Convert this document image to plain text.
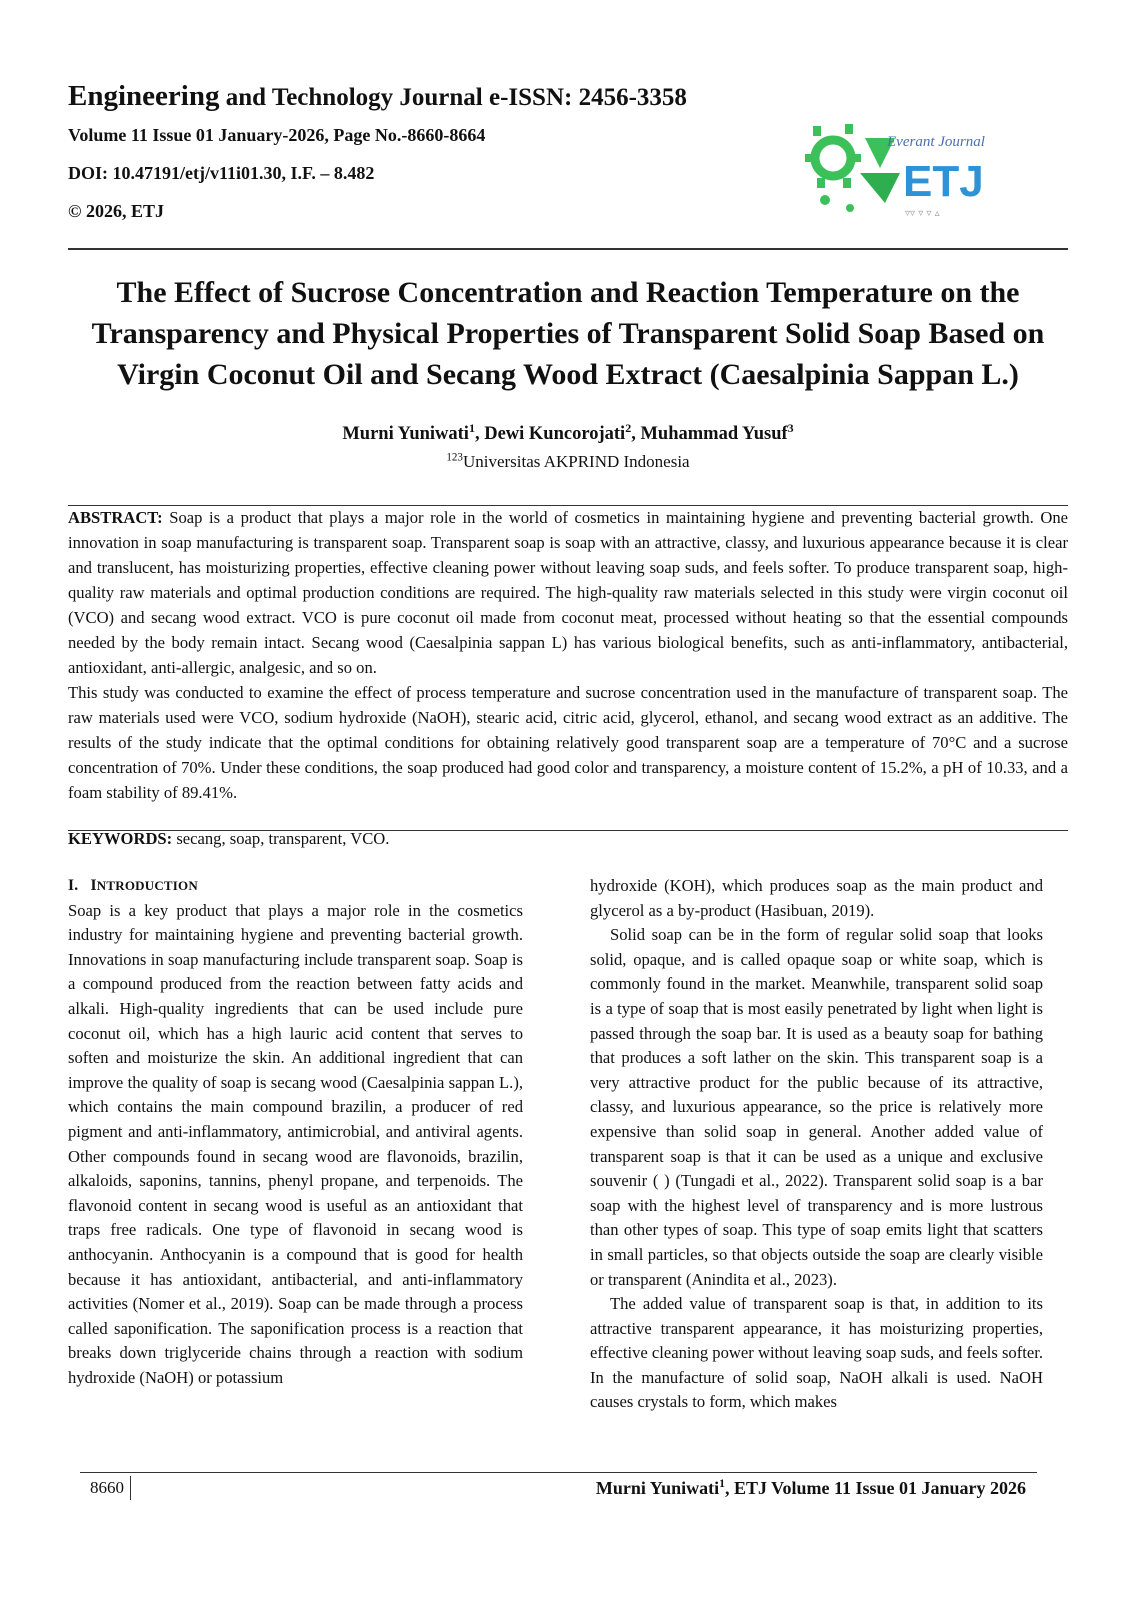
Engineering and Technology Journal e-ISSN: 2456-3358
Volume 11 Issue 01 January-2026, Page No.-8660-8664
DOI: 10.47191/etj/v11i01.30, I.F. – 8.482
© 2026, ETJ
Everant Journal
ETJ
▿▿ ▿ ▿ ▵
The Effect of Sucrose Concentration and Reaction Temperature on the Transparency and Physical Properties of Transparent Solid Soap Based on Virgin Coconut Oil and Secang Wood Extract (Caesalpinia Sappan L.)
Murni Yuniwati$^1$, Dewi Kuncorojati$^2$, Muhammad Yusuf$^3$
$^{123}$Universitas AKPRIND Indonesia

ABSTRACT: Soap is a product that plays a major role in the world of cosmetics in maintaining hygiene and preventing bacterial growth. One innovation in soap manufacturing is transparent soap. Transparent soap is soap with an attractive, classy, and luxurious appearance because it is clear and translucent, has moisturizing properties, effective cleaning power without leaving soap suds, and feels softer. To produce transparent soap, high-quality raw materials and optimal production conditions are required. The high-quality raw materials selected in this study were virgin coconut oil (VCO) and secang wood extract. VCO is pure coconut oil made from coconut meat, processed without heating so that the essential compounds needed by the body remain intact. Secang wood (Caesalpinia sappan L) has various biological benefits, such as anti-inflammatory, antibacterial, antioxidant, anti-allergic, analgesic, and so on.

This study was conducted to examine the effect of process temperature and sucrose concentration used in the manufacture of transparent soap. The raw materials used were VCO, sodium hydroxide (NaOH), stearic acid, citric acid, glycerol, ethanol, and secang wood extract as an additive. The results of the study indicate that the optimal conditions for obtaining relatively good transparent soap are a temperature of 70°C and a sucrose concentration of 70%. Under these conditions, the soap produced had good color and transparency, a moisture content of 15.2%, a pH of 10.33, and a foam stability of 89.41%.

KEYWORDS: secang, soap, transparent, VCO.
I. INTRODUCTION

Soap is a key product that plays a major role in the cosmetics industry for maintaining hygiene and preventing bacterial growth. Innovations in soap manufacturing include transparent soap. Soap is a compound produced from the reaction between fatty acids and alkali. High-quality ingredients that can be used include pure coconut oil, which has a high lauric acid content that serves to soften and moisturize the skin. An additional ingredient that can improve the quality of soap is secang wood (Caesalpinia sappan L.), which contains the main compound brazilin, a producer of red pigment and anti-inflammatory, antimicrobial, and antiviral agents. Other compounds found in secang wood are flavonoids, brazilin, alkaloids, saponins, tannins, phenyl propane, and terpenoids. The flavonoid content in secang wood is useful as an antioxidant that traps free radicals. One type of flavonoid in secang wood is anthocyanin. Anthocyanin is a compound that is good for health because it has antioxidant, antibacterial, and anti-inflammatory activities (Nomer et al., 2019). Soap can be made through a process called saponification. The saponification process is a reaction that breaks down triglyceride chains through a reaction with sodium hydroxide (NaOH) or potassium

hydroxide (KOH), which produces soap as the main product and glycerol as a by-product (Hasibuan, 2019).

Solid soap can be in the form of regular solid soap that looks solid, opaque, and is called opaque soap or white soap, which is commonly found in the market. Meanwhile, transparent solid soap is a type of soap that is most easily penetrated by light when light is passed through the soap bar. It is used as a beauty soap for bathing that produces a soft lather on the skin. This transparent soap is a very attractive product for the public because of its attractive, classy, and luxurious appearance, so the price is relatively more expensive than solid soap in general. Another added value of transparent soap is that it can be used as a unique and exclusive souvenir ( ) (Tungadi et al., 2022). Transparent solid soap is a bar soap with the highest level of transparency and is more lustrous than other types of soap. This type of soap emits light that scatters in small particles, so that objects outside the soap are clearly visible or transparent (Anindita et al., 2023).

The added value of transparent soap is that, in addition to its attractive transparent appearance, it has moisturizing properties, effective cleaning power without leaving soap suds, and feels softer. In the manufacture of solid soap, NaOH alkali is used. NaOH causes crystals to form, which makes

8660	Murni Yuniwati$^1$, ETJ Volume 11 Issue 01 January 2026
